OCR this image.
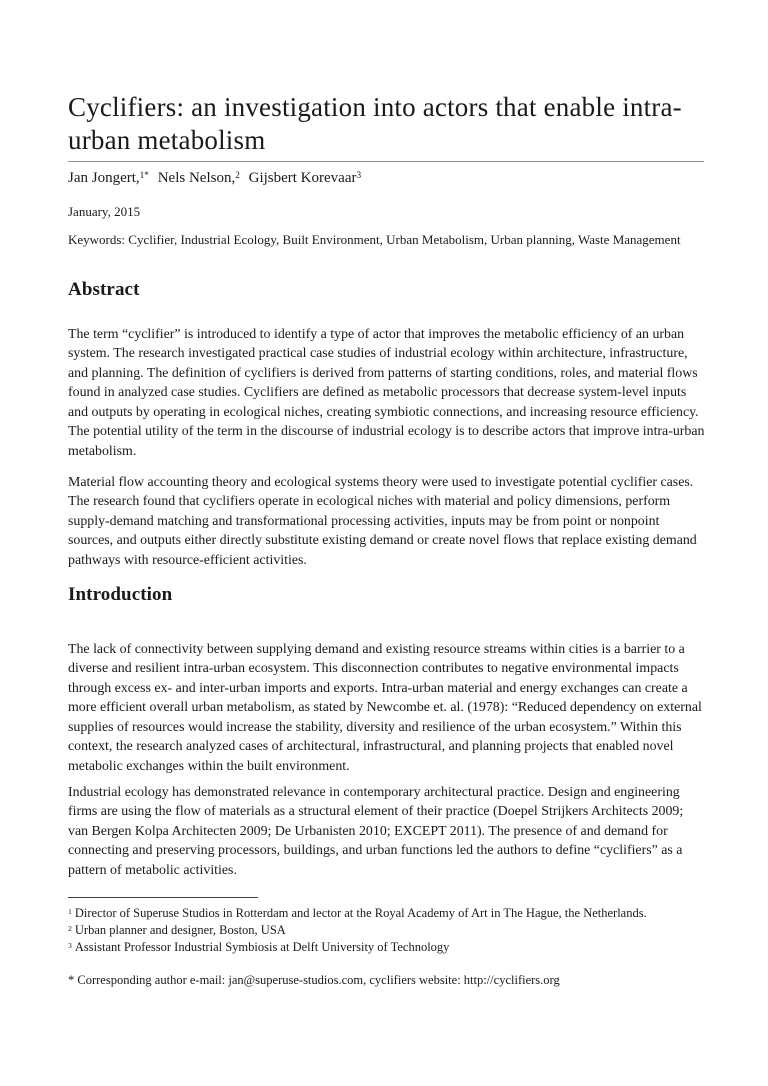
Cyclifiers: an investigation into actors that enable intra-urban metabolism
Jan Jongert,$^{1*}$ Nels Nelson,$^2$ Gijsbert Korevaar$^3$
January, 2015
Keywords: Cyclifier, Industrial Ecology, Built Environment, Urban Metabolism, Urban planning, Waste Management
Abstract

The term “cyclifier” is introduced to identify a type of actor that improves the metabolic efficiency of an urban system. The research investigated practical case studies of industrial ecology within architecture, infrastructure, and planning. The definition of cyclifiers is derived from patterns of starting conditions, roles, and material flows found in analyzed case studies. Cyclifiers are defined as metabolic processors that decrease system-level inputs and outputs by operating in ecological niches, creating symbiotic connections, and increasing resource efficiency. The potential utility of the term in the discourse of industrial ecology is to describe actors that improve intra-urban metabolism.

Material flow accounting theory and ecological systems theory were used to investigate potential cyclifier cases. The research found that cyclifiers operate in ecological niches with material and policy dimensions, perform supply-demand matching and transformational processing activities, inputs may be from point or nonpoint sources, and outputs either directly substitute existing demand or create novel flows that replace existing demand pathways with resource-efficient activities.

Introduction

The lack of connectivity between supplying demand and existing resource streams within cities is a barrier to a diverse and resilient intra-urban ecosystem. This disconnection contributes to negative environmental impacts through excess ex- and inter-urban imports and exports. Intra-urban material and energy exchanges can create a more efficient overall urban metabolism, as stated by Newcombe et. al. (1978): “Reduced dependency on external supplies of resources would increase the stability, diversity and resilience of the urban ecosystem.” Within this context, the research analyzed cases of architectural, infrastructural, and planning projects that enabled novel metabolic exchanges within the built environment.

Industrial ecology has demonstrated relevance in contemporary architectural practice. Design and engineering firms are using the flow of materials as a structural element of their practice (Doepel Strijkers Architects 2009; van Bergen Kolpa Architecten 2009; De Urbanisten 2010; EXCEPT 2011). The presence of and demand for connecting and preserving processors, buildings, and urban functions led the authors to define “cyclifiers” as a pattern of metabolic activities.

$^1$ Director of Superuse Studios in Rotterdam and lector at the Royal Academy of Art in The Hague, the Netherlands.
$^2$ Urban planner and designer, Boston, USA
$^3$ Assistant Professor Industrial Symbiosis at Delft University of Technology
* Corresponding author e-mail: jan@superuse-studios.com, cyclifiers website: http://cyclifiers.org
